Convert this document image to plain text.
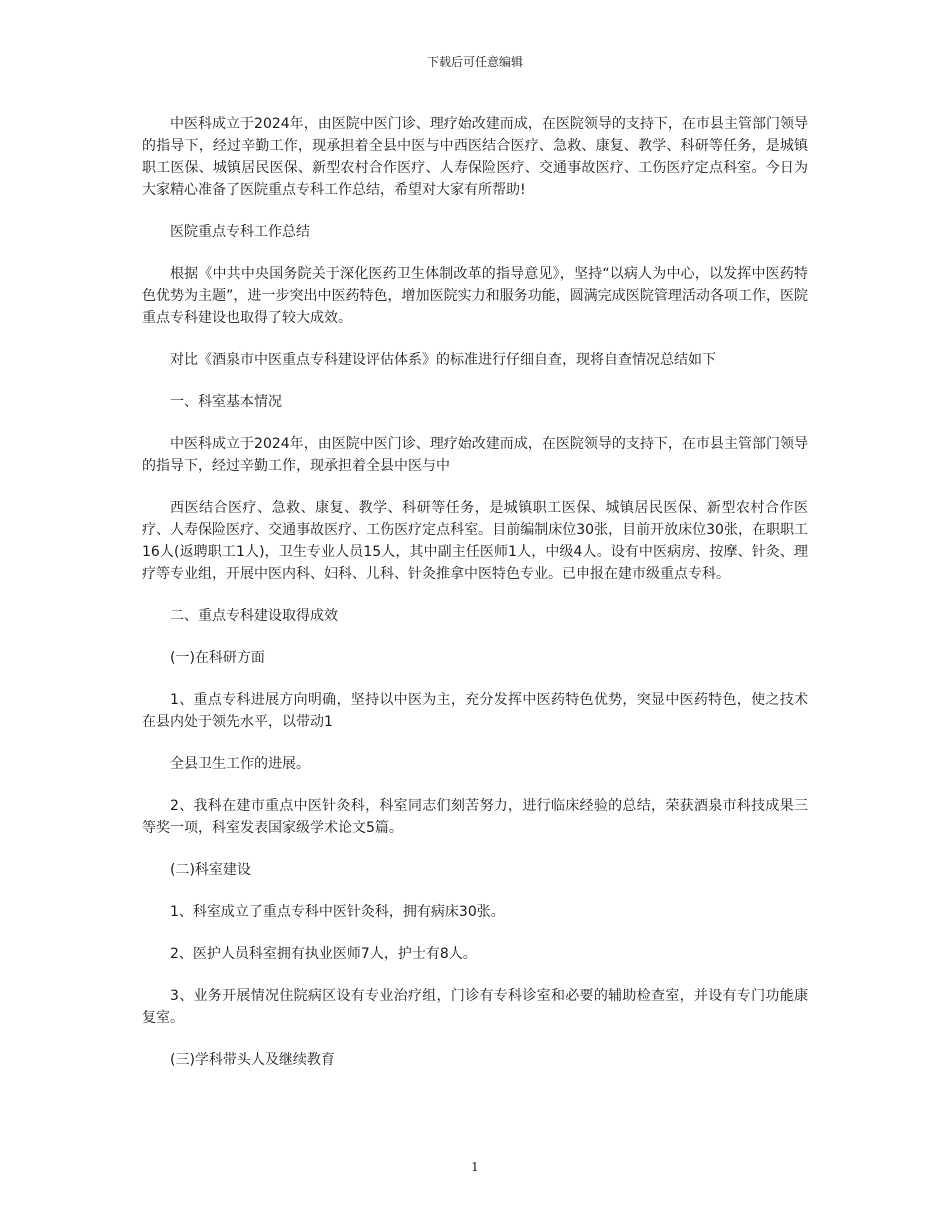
下载后可任意编辑

中医科成立于2024年，由医院中医门诊、理疗始改建而成，在医院领导的支持下，在市县主管部门领导的指导下，经过辛勤工作，现承担着全县中医与中西医结合医疗、急救、康复、教学、科研等任务，是城镇职工医保、城镇居民医保、新型农村合作医疗、人寿保险医疗、交通事故医疗、工伤医疗定点科室。今日为大家精心准备了医院重点专科工作总结，希望对大家有所帮助!

医院重点专科工作总结

根据《中共中央国务院关于深化医药卫生体制改革的指导意见》，坚持“以病人为中心，以发挥中医药特色优势为主题”，进一步突出中医药特色，增加医院实力和服务功能，圆满完成医院管理活动各项工作，医院重点专科建设也取得了较大成效。

对比《酒泉市中医重点专科建设评估体系》的标准进行仔细自查，现将自查情况总结如下

一、科室基本情况

中医科成立于2024年，由医院中医门诊、理疗始改建而成，在医院领导的支持下，在市县主管部门领导的指导下，经过辛勤工作，现承担着全县中医与中

西医结合医疗、急救、康复、教学、科研等任务，是城镇职工医保、城镇居民医保、新型农村合作医疗、人寿保险医疗、交通事故医疗、工伤医疗定点科室。目前编制床位30张，目前开放床位30张，在职职工16人(返聘职工1人)，卫生专业人员15人，其中副主任医师1人，中级4人。设有中医病房、按摩、针灸、理疗等专业组，开展中医内科、妇科、儿科、针灸推拿中医特色专业。已申报在建市级重点专科。

二、重点专科建设取得成效

(一)在科研方面

1、重点专科进展方向明确，坚持以中医为主，充分发挥中医药特色优势，突显中医药特色，使之技术在县内处于领先水平，以带动1

全县卫生工作的进展。

2、我科在建市重点中医针灸科，科室同志们刻苦努力，进行临床经验的总结，荣获酒泉市科技成果三等奖一项，科室发表国家级学术论文5篇。

(二)科室建设

1、科室成立了重点专科中医针灸科，拥有病床30张。

2、医护人员科室拥有执业医师7人，护士有8人。

3、业务开展情况住院病区设有专业治疗组，门诊有专科诊室和必要的辅助检查室，并设有专门功能康复室。

(三)学科带头人及继续教育

1
